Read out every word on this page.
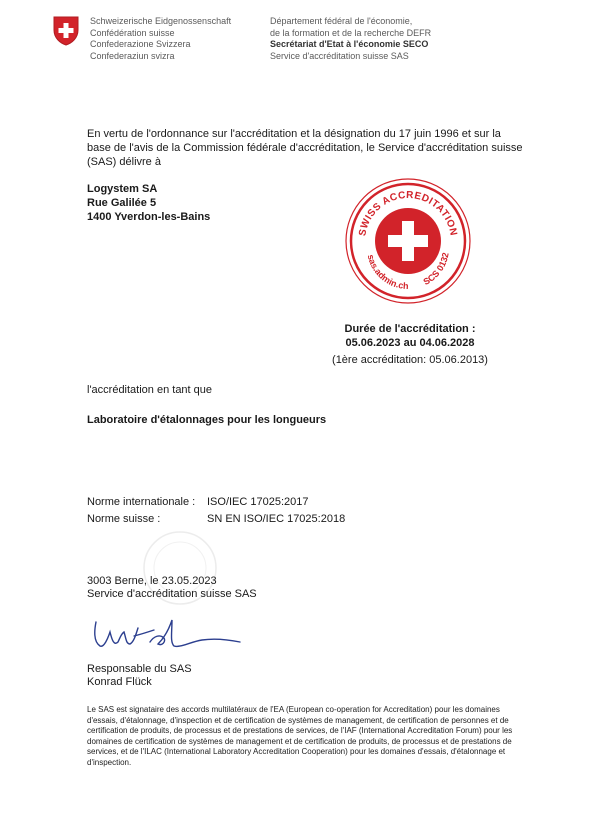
Schweizerische Eidgenossenschaft
Confédération suisse
Confederazione Svizzera
Confederaziun svizra
Département fédéral de l'économie,
de la formation et de la recherche DEFR
Secrétariat d'Etat à l'économie SECO
Service d'accréditation suisse SAS
En vertu de l'ordonnance sur l'accréditation et la désignation du 17 juin 1996 et sur la base de l'avis de la Commission fédérale d'accréditation, le Service d'accréditation suisse (SAS) délivre à
Logystem SA
Rue Galilée 5
1400 Yverdon-les-Bains
SWISS ACCREDITATION
sas.admin.ch SCS 0132
Durée de l'accréditation :
05.06.2023 au 04.06.2028
(1ère accréditation: 05.06.2013)
l'accréditation en tant que
Laboratoire d'étalonnages pour les longueurs
Norme internationale : ISO/IEC 17025:2017
Norme suisse :	SN EN ISO/IEC 17025:2018
3003 Berne, le 23.05.2023
Service d'accréditation suisse SAS
Responsable du SAS
Konrad Flück
Le SAS est signataire des accords multilatéraux de l'EA (European co-operation for Accreditation) pour les domaines d'essais, d'étalonnage, d'inspection et de certification de systèmes de management, de certification de personnes et de certification de produits, de processus et de prestations de services, de l'IAF (International Accreditation Forum) pour les domaines de certification de systèmes de management et de certification de produits, de processus et de prestations de services, et de l'ILAC (International Laboratory Accreditation Cooperation) pour les domaines d'essais, d'étalonnage et d'inspection.
